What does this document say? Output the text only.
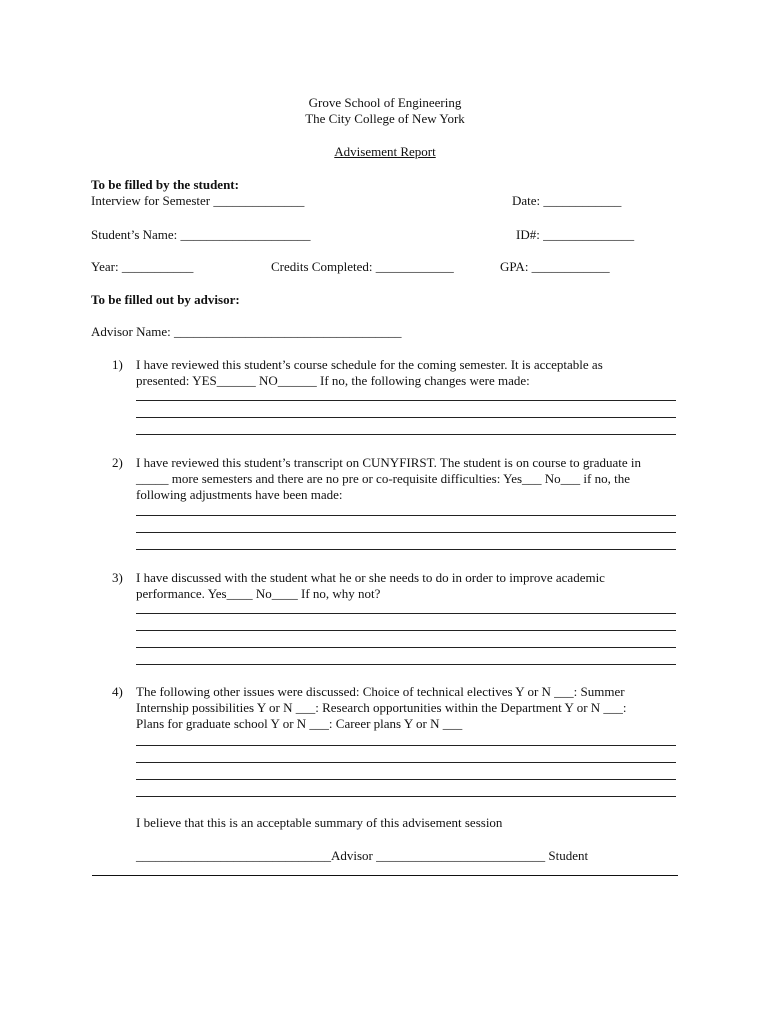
Grove School of Engineering
The City College of New York
Advisement Report
To be filled by the student:
Interview for Semester ______________	Date: ____________
Student’s Name: ____________________	ID#: ______________
Year: ___________	Credits Completed: ____________	GPA: ____________
To be filled out by advisor:
Advisor Name: ___________________________________
1) I have reviewed this student’s course schedule for the coming semester. It is acceptable as
presented: YES______ NO______ If no, the following changes were made:
2) I have reviewed this student’s transcript on CUNYFIRST. The student is on course to graduate in
_____ more semesters and there are no pre or co-requisite difficulties: Yes___ No___ if no, the
following adjustments have been made:
3) I have discussed with the student what he or she needs to do in order to improve academic
performance. Yes____ No____ If no, why not?
4) The following other issues were discussed: Choice of technical electives Y or N ___: Summer
Internship possibilities Y or N ___: Research opportunities within the Department Y or N ___:
Plans for graduate school Y or N ___: Career plans Y or N ___
I believe that this is an acceptable summary of this advisement session
______________________________Advisor __________________________ Student
